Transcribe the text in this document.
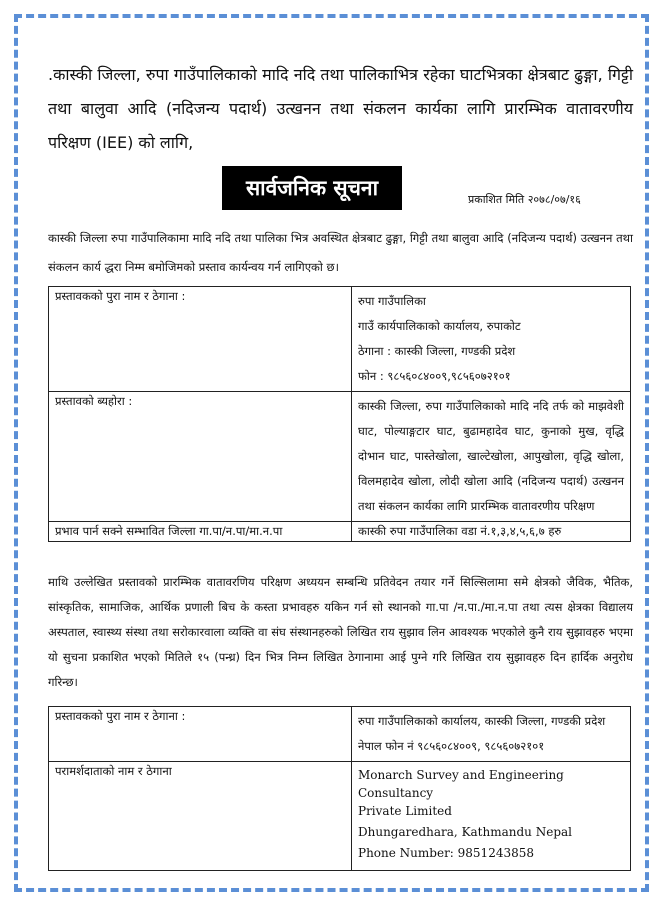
.कास्की जिल्ला, रुपा गाउँपालिकाको मादि नदि तथा पालिकाभित्र रहेका घाटभित्रका क्षेत्रबाट ढुङ्गा, गिट्टी तथा बालुवा आदि (नदिजन्य पदार्थ) उत्खनन तथा संकलन कार्यका लागि प्रारम्भिक वातावरणीय परिक्षण (IEE) को लागि,
सार्वजनिक सूचना	प्रकाशित मिति २०७८/०७/१६
कास्की जिल्ला रुपा गाउँपालिकामा मादि नदि तथा पालिका भित्र अवस्थित क्षेत्रबाट ढुङ्गा, गिट्टी तथा बालुवा आदि (नदिजन्य पदार्थ) उत्खनन तथा संकलन कार्य द्धरा निम्म बमोजिमको प्रस्ताव कार्यन्वय गर्न लागिएको छ।
प्रस्तावकको पुरा नाम र ठेगाना :	रुपा गाउँपालिका
गाउँ कार्यपालिकाको कार्यालय, रुपाकोट
ठेगाना : कास्की जिल्ला, गण्डकी प्रदेश
फोन : ९८५६०८४००९,९८५६०७२१०१

प्रस्तावको ब्यहोरा :	कास्की जिल्ला, रुपा गाउँपालिकाको मादि नदि तर्फ को माझवेशी घाट, पोल्याङ्गटार घाट, बुढामहादेव घाट, कुनाको मुख, वृद्धि दोभान घाट, पास्तेखोला, खाल्टेखोला, आपुखोला, वृद्धि खोला, विलमहादेव खोला, लोदी खोला आदि (नदिजन्य पदार्थ) उत्खनन तथा संकलन कार्यका लागि प्रारम्भिक वातावरणीय परिक्षण

प्रभाव पार्न सक्ने सम्भावित जिल्ला गा.पा/न.पा/मा.न.पा	कास्की रुपा गाउँपालिका वडा नं.१,३,४,५,६,७ हरु
माथि उल्लेखित प्रस्तावको प्रारम्भिक वातावरणिय परिक्षण अध्ययन सम्बन्धि प्रतिवेदन तयार गर्ने सिल्सिलामा समे क्षेत्रको जैविक, भैतिक, सांस्कृतिक, सामाजिक, आर्थिक प्रणाली बिच के कस्ता प्रभावहरु यकिन गर्न सो स्थानको गा.पा /न.पा./मा.न.पा तथा त्यस क्षेत्रका विद्यालय अस्पताल, स्वास्थ्य संस्था तथा सरोकारवाला व्यक्ति वा संघ संस्थानहरुको लिखित राय सुझाव लिन आवश्यक भएकोले कुनै राय सुझावहरु भएमा यो सुचना प्रकाशित भएको मितिले १५ (पन्ध्र) दिन भित्र निम्न लिखित ठेगानामा आई पुग्ने गरि लिखित राय सुझावहरु दिन हार्दिक अनुरोध गरिन्छ।
प्रस्तावकको पुरा नाम र ठेगाना :	रुपा गाउँपालिकाको कार्यालय, कास्की जिल्ला, गण्डकी प्रदेश
नेपाल फोन नं ९८५६०८४००९, ९८५६०७२१०१

परामर्शदाताको नाम र ठेगाना	Monarch Survey and Engineering Consultancy
Private Limited
Dhungaredhara, Kathmandu Nepal
Phone Number: 9851243858
